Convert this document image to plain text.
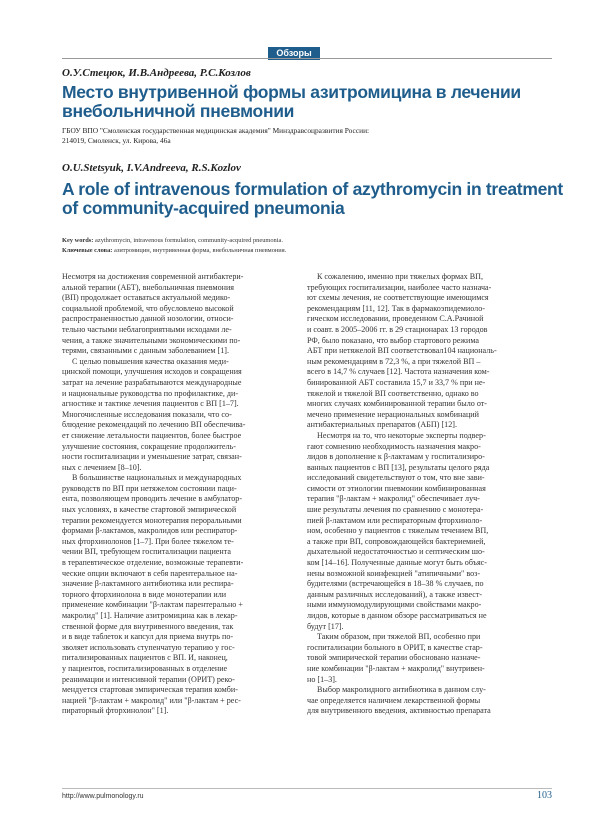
Обзоры
О.У.Стецюк, И.В.Андреева, Р.С.Козлов
Место внутривенной формы азитромицина в лечении
внебольничной пневмонии
ГБОУ ВПО "Смоленская государственная медицинская академия" Минздравсоцразвития России:
214019, Смоленск, ул. Кирова, 46а
O.U.Stetsyuk, I.V.Andreeva, R.S.Kozlov
A role of intravenous formulation of azythromycin in treatment
of community-acquired pneumonia
Key words: azythromycin, intravenous formulation, community-acquired pneumonia.
Ключевые слова: азитромицин, внутривенная форма, внебольничная пневмония.
Несмотря на достижения современной антибактери-
альной терапии (АБТ), внебольничная пневмония
(ВП) продолжает оставаться актуальной медико-
социальной проблемой, что обусловлено высокой
распространенностью данной нозологии, относи-
тельно частыми неблагоприятными исходами ле-
чения, а также значительными экономическими по-
терями, связанными с данным заболеванием [1].
С целью повышения качества оказания меди-
цинской помощи, улучшения исходов и сокращения
затрат на лечение разрабатываются международные
и национальные руководства по профилактике, ди-
агностике и тактике лечения пациентов с ВП [1–7].
Многочисленные исследования показали, что со-
блюдение рекомендаций по лечению ВП обеспечива-
ет снижение летальности пациентов, более быстрое
улучшение состояния, сокращение продолжитель-
ности госпитализации и уменьшение затрат, связан-
ных с лечением [8–10].
В большинстве национальных и международных
руководств по ВП при нетяжелом состоянии паци-
ента, позволяющем проводить лечение в амбулатор-
ных условиях, в качестве стартовой эмпирической
терапии рекомендуется монотерапия пероральными
формами β-лактамов, макролидов или респиратор-
ных фторхинолонов [1–7]. При более тяжелом те-
чении ВП, требующем госпитализации пациента
в терапевтическое отделение, возможные терапевти-
ческие опции включают в себя парентеральное на-
значение β-лактамного антибиотика или респира-
торного фторхинолона в виде монотерапии или
применение комбинации "β-лактам парентерально +
макролид" [1]. Наличие азитромицина как в лекар-
ственной форме для внутривенного введения, так
и в виде таблеток и капсул для приема внутрь по-
зволяет использовать ступенчатую терапию у гос-
питализированных пациентов с ВП. И, наконец,
у пациентов, госпитализированных в отделение
реанимации и интенсивной терапии (ОРИТ) реко-
мендуется стартовая эмпирическая терапия комби-
нацией "β-лактам + макролид" или "β-лактам + рес-
пираторный фторхинолон" [1].
К сожалению, именно при тяжелых формах ВП,
требующих госпитализации, наиболее часто назнача-
ют схемы лечения, не соответствующие имеющимся
рекомендациям [11, 12]. Так в фармакоэпидемиоло-
гическом исследовании, проведенном С.А.Рачиной
и соавт. в 2005–2006 гг. в 29 стационарах 13 городов
РФ, было показано, что выбор стартового режима
АБТ при нетяжелой ВП соответствовал104 националь-
ным рекомендациям в 72,3 %, а при тяжелой ВП –
всего в 14,7 % случаев [12]. Частота назначения ком-
бинированной АБТ составила 15,7 и 33,7 % при не-
тяжелой и тяжелой ВП соответственно, однако во
многих случаях комбинированной терапии было от-
мечено применение нерациональных комбинаций
антибактериальных препаратов (АБП) [12].
Несмотря на то, что некоторые эксперты подвер-
гают сомнению необходимость назначения макро-
лидов в дополнение к β-лактамам у госпитализиро-
ванных пациентов с ВП [13], результаты целого ряда
исследований свидетельствуют о том, что вне зави-
симости от этиологии пневмонии комбинированная
терапия "β-лактам + макролид" обеспечивает луч-
шие результаты лечения по сравнению с монотера-
пией β-лактамом или респираторным фторхиноло-
ном, особенно у пациентов с тяжелым течением ВП,
а также при ВП, сопровождающейся бактериемией,
дыхательной недостаточностью и септическим шо-
ком [14–16]. Полученные данные могут быть объяс-
нены возможной коинфекцией "атипичными" воз-
будителями (встречающейся в 18–38 % случаев, по
данным различных исследований), а также извест-
ными иммуномодулирующими свойствами макро-
лидов, которые в данном обзоре рассматриваться не
будут [17].
Таким образом, при тяжелой ВП, особенно при
госпитализации больного в ОРИТ, в качестве стар-
товой эмпирической терапии обосновано назначе-
ние комбинации "β-лактам + макролид" внутривен-
но [1–3].
Выбор макролидного антибиотика в данном слу-
чае определяется наличием лекарственной формы
для внутривенного введения, активностью препарата
http://www.pulmonology.ru	103
